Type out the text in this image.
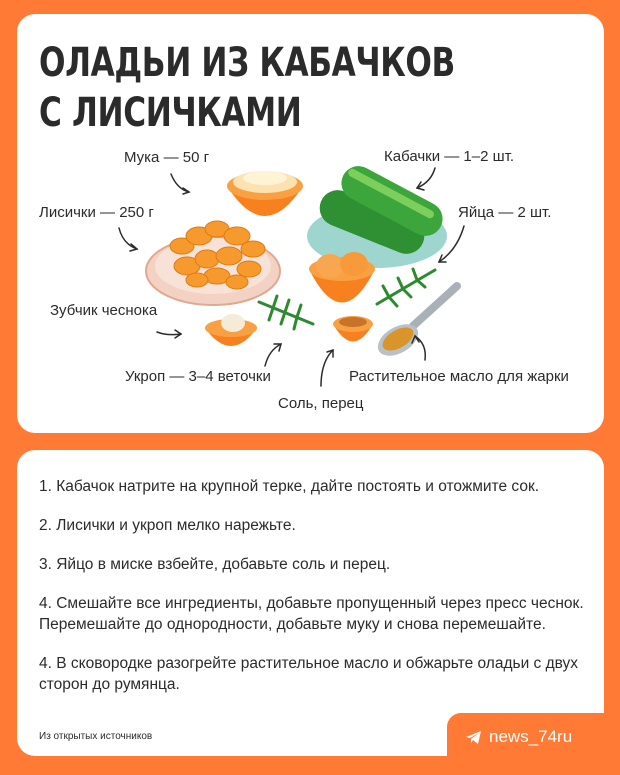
ОЛАДЬИ ИЗ КАБАЧКОВ
С ЛИСИЧКАМИ
Мука — 50 г	Кабачки — 1–2 шт.
Лисички — 250 г	Яйца — 2 шт.
Зубчик чеснока
Укроп — 3–4 веточки	Растительное масло для жарки
Соль, перец
1. Кабачок натрите на крупной терке, дайте постоять и отожмите сок.
2. Лисички и укроп мелко нарежьте.
3. Яйцо в миске взбейте, добавьте соль и перец.
4. Смешайте все ингредиенты, добавьте пропущенный через пресс чеснок. Перемешайте до однородности, добавьте муку и снова перемешайте.
4. В сковородке разогрейте растительное масло и обжарьте оладьи с двух сторон до румянца.
Из открытых источников	news_74ru
